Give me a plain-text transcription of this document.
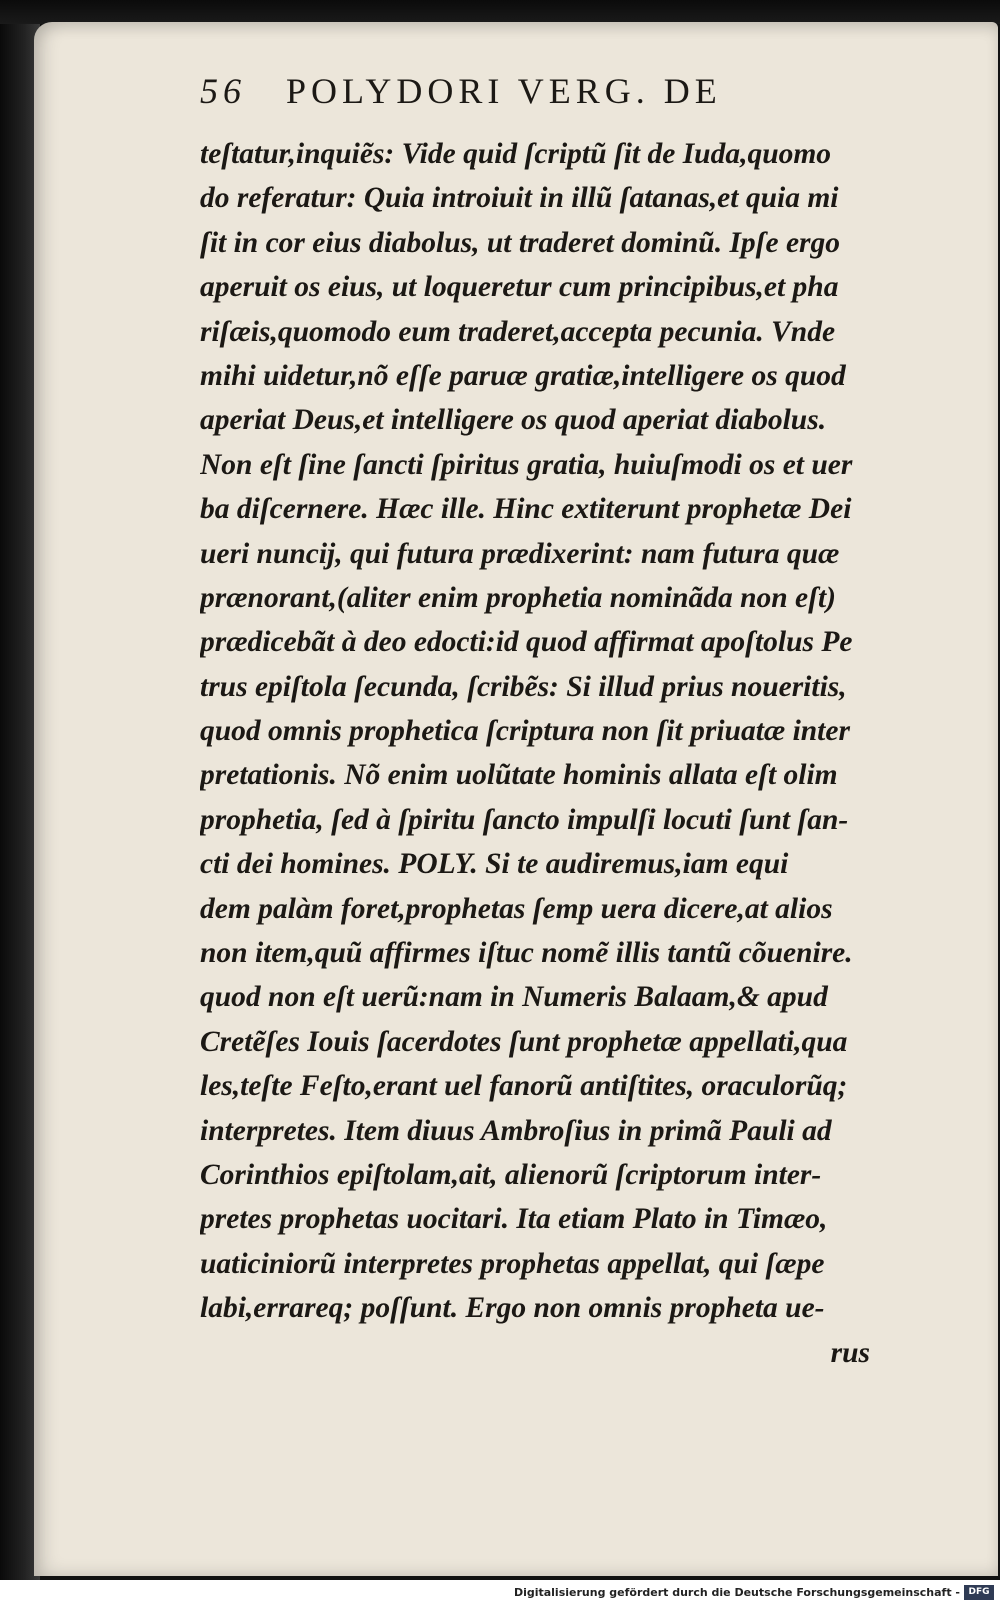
56 POLYDORI VERG. DE
teſtatur,inquiẽs: Vide quid ſcriptũ ſit de Iuda,quomo
do referatur: Quia introiuit in illũ ſatanas,et quia mi
ſit in cor eius diabolus, ut traderet dominũ. Ipſe ergo
aperuit os eius, ut loqueretur cum principibus,et pha
riſæis,quomodo eum traderet,accepta pecunia. Vnde
mihi uidetur,nõ eſſe paruæ gratiæ,intelligere os quod
aperiat Deus,et intelligere os quod aperiat diabolus.
Non eſt ſine ſancti ſpiritus gratia, huiuſmodi os et uer
ba diſcernere. Hæc ille. Hinc extiterunt prophetæ Dei
ueri nuncij, qui futura prædixerint: nam futura quæ
prænorant,(aliter enim prophetia nominãda non eſt)
prædicebãt à deo edocti:id quod affirmat apoſtolus Pe
trus epiſtola ſecunda, ſcribẽs: Si illud prius noueritis,
quod omnis prophetica ſcriptura non ſit priuatæ inter
pretationis. Nõ enim uolũtate hominis allata eſt olim
prophetia, ſed à ſpiritu ſancto impulſi locuti ſunt ſan-
cti dei homines. POLY. Si te audiremus,iam equi
dem palàm foret,prophetas ſemp uera dicere,at alios
non item,quũ affirmes iſtuc nomẽ illis tantũ cõuenire.
quod non eſt uerũ:nam in Numeris Balaam,& apud
Cretẽſes Iouis ſacerdotes ſunt prophetæ appellati,qua
les,teſte Feſto,erant uel fanorũ antiſtites, oraculorũq;
interpretes. Item diuus Ambroſius in primã Pauli ad
Corinthios epiſtolam,ait, alienorũ ſcriptorum inter-
pretes prophetas uocitari. Ita etiam Plato in Timæo,
uaticiniorũ interpretes prophetas appellat, qui ſæpe
labi,errareq; poſſunt. Ergo non omnis propheta ue-
rus
Digitalisierung gefördert durch die Deutsche Forschungsgemeinschaft - DFG
